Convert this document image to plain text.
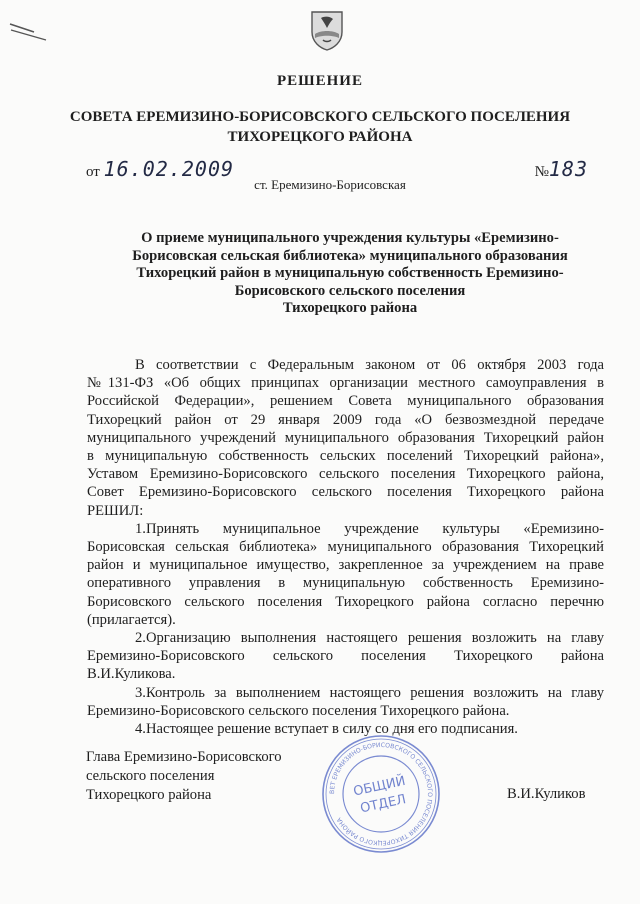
РЕШЕНИЕ
СОВЕТА ЕРЕМИЗИНО-БОРИСОВСКОГО СЕЛЬСКОГО ПОСЕЛЕНИЯ
ТИХОРЕЦКОГО РАЙОНА
от 16.02.2009	№183
ст. Еремизино-Борисовская
О приеме муниципального учреждения культуры «Еремизино-
Борисовская сельская библиотека» муниципального образования
Тихорецкий район в муниципальную собственность Еремизино-
Борисовского сельского поселения
Тихорецкого района
В соответствии с Федеральным законом от 06 октября 2003 года
№131-ФЗ «Об общих принципах организации местного самоуправления в
Российской Федерации», решением Совета муниципального образования
Тихорецкий район от 29 января 2009 года «О безвозмездной передаче
муниципального учреждений муниципального образования Тихорецкий район
в муниципальную собственность сельских поселений Тихорецкий района»,
Уставом Еремизино-Борисовского сельского поселения Тихорецкого района,
Совет Еремизино-Борисовского сельского поселения Тихорецкого района
РЕШИЛ:
1.Принять муниципальное учреждение культуры «Еремизино-
Борисовская сельская библиотека» муниципального образования Тихорецкий
район и муниципальное имущество, закрепленное за учреждением на праве
оперативного управления в муниципальную собственность Еремизино-
Борисовского сельского поселения Тихорецкого района согласно перечню
(прилагается).
2.Организацию выполнения настоящего решения возложить на главу
Еремизино-Борисовского сельского поселения Тихорецкого района
В.И.Куликова.
3.Контроль за выполнением настоящего решения возложить на главу
Еремизино-Борисовского сельского поселения Тихорецкого района.
4.Настоящее решение вступает в силу со дня его подписания.
Глава Еремизино-Борисовского
сельского поселения
Тихорецкого района	В.И.Куликов
ВЕТ ЕРЕМИЗИНО-БОРИСОВСКОГО СЕЛЬСКОГО ПОСЕЛЕНИЯ ТИХОРЕЦКОГО РАЙОНА
ОБЩИЙ
ОТДЕЛ
